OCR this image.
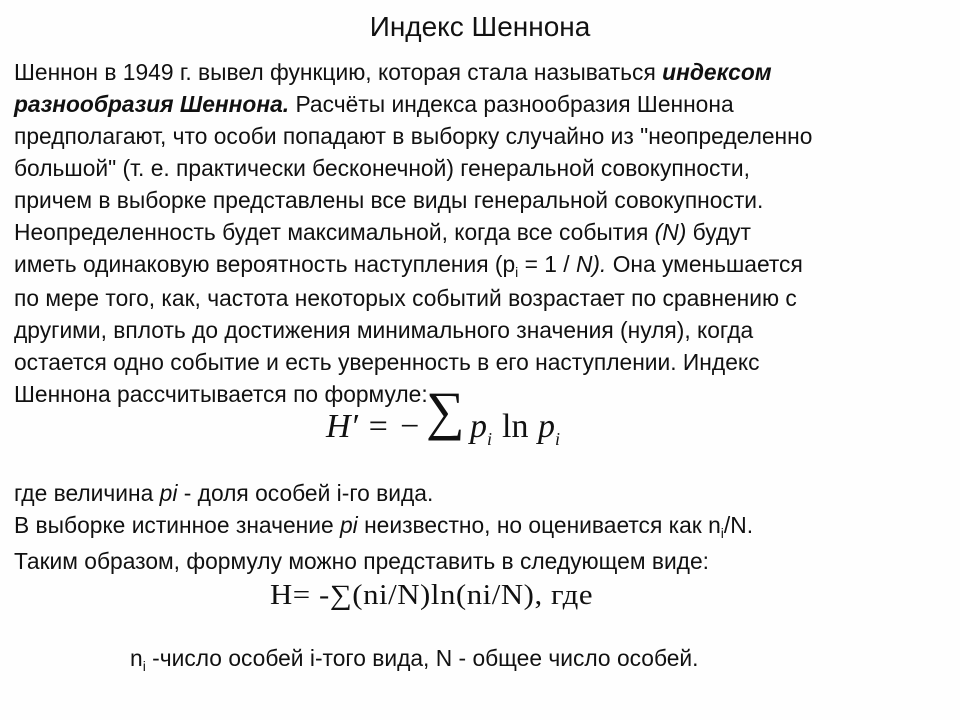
Индекс Шеннона
Шеннон в 1949 г. вывел функцию, которая стала называться индексом
разнообразия Шеннона. Расчёты индекса разнообразия Шеннона
предполагают, что особи попадают в выборку случайно из "неопределенно
большой" (т. е. практически бесконечной) генеральной совокупности,
причем в выборке представлены все виды генеральной совокупности.
Неопределенность будет максимальной, когда все события (N) будут
иметь одинаковую вероятность наступления $(p_i = 1 / N)$. Она уменьшается
по мере того, как, частота некоторых событий возрастает по сравнению с
другими, вплоть до достижения минимального значения (нуля), когда
остается одно событие и есть уверенность в его наступлении. Индекс
Шеннона рассчитывается по формуле:
H′ = − ∑ $p_i$ $\ln p_i$
где величина pi - доля особей i-го вида.
В выборке истинное значение pi неизвестно, но оценивается как $n_i/N$.
Таким образом, формулу можно представить в следующем виде:
H= -∑(ni/N)ln(ni/N), где
$n_i$ -число особей i-того вида, N - общее число особей.
